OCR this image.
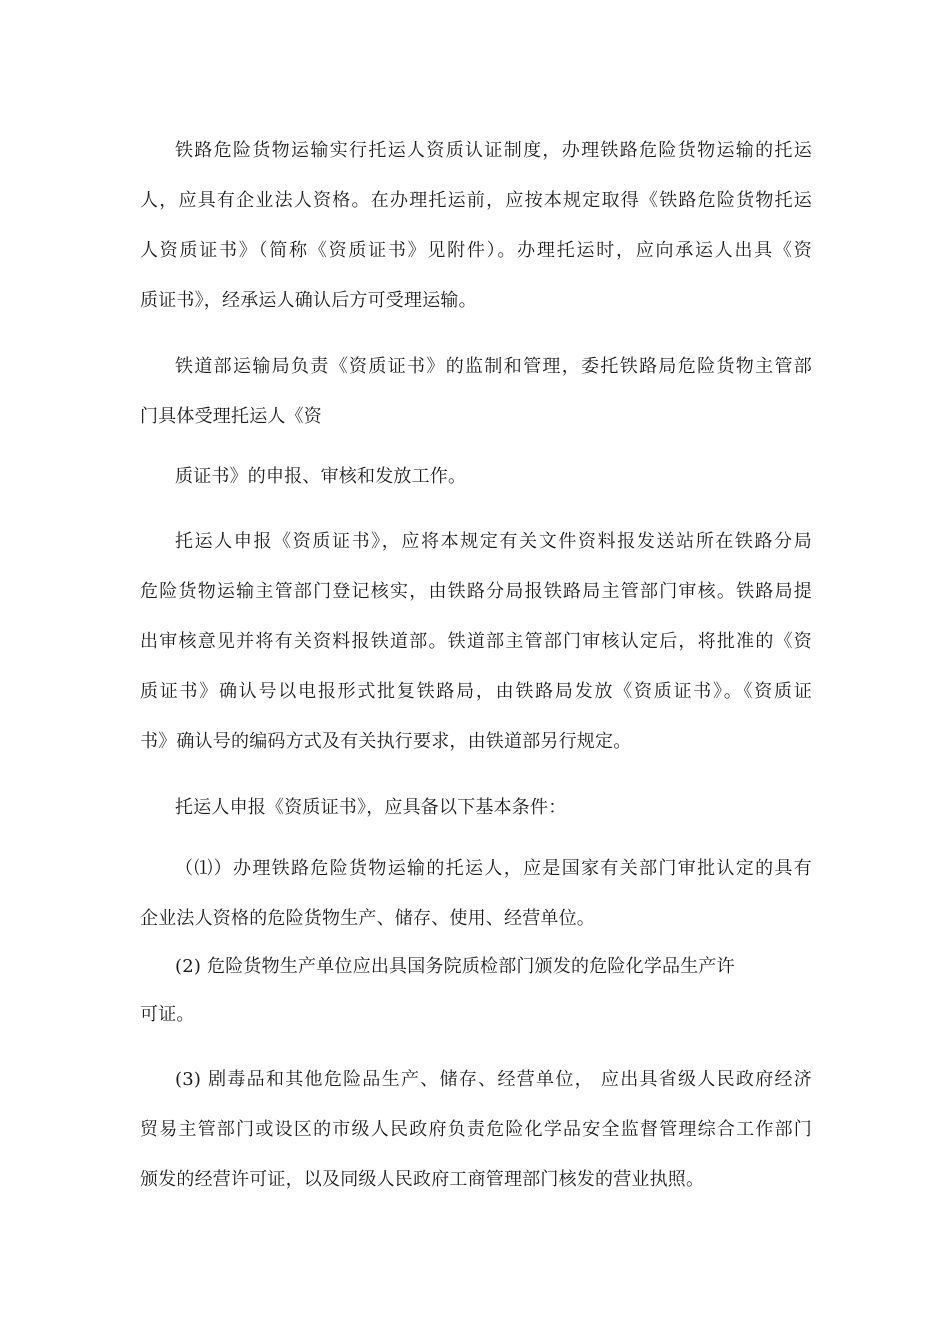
铁路危险货物运输实行托运人资质认证制度，办理铁路危险货物运输的托运
人，应具有企业法人资格。在办理托运前，应按本规定取得《铁路危险货物托运
人资质证书》（简称《资质证书》见附件）。办理托运时，应向承运人出具《资
质证书》，经承运人确认后方可受理运输。
铁道部运输局负责《资质证书》的监制和管理，委托铁路局危险货物主管部
门具体受理托运人《资
质证书》的申报、审核和发放工作。
托运人申报《资质证书》，应将本规定有关文件资料报发送站所在铁路分局
危险货物运输主管部门登记核实，由铁路分局报铁路局主管部门审核。铁路局提
出审核意见并将有关资料报铁道部。铁道部主管部门审核认定后，将批准的《资
质证书》确认号以电报形式批复铁路局，由铁路局发放《资质证书》。《资质证
书》确认号的编码方式及有关执行要求，由铁道部另行规定。
托运人申报《资质证书》，应具备以下基本条件：
（⑴）办理铁路危险货物运输的托运人，应是国家有关部门审批认定的具有
企业法人资格的危险货物生产、储存、使用、经营单位。
(2) 危险货物生产单位应出具国务院质检部门颁发的危险化学品生产许
可证。
(3) 剧毒品和其他危险品生产、储存、经营单位， 应出具省级人民政府经济
贸易主管部门或设区的市级人民政府负责危险化学品安全监督管理综合工作部门
颁发的经营许可证，以及同级人民政府工商管理部门核发的营业执照。
